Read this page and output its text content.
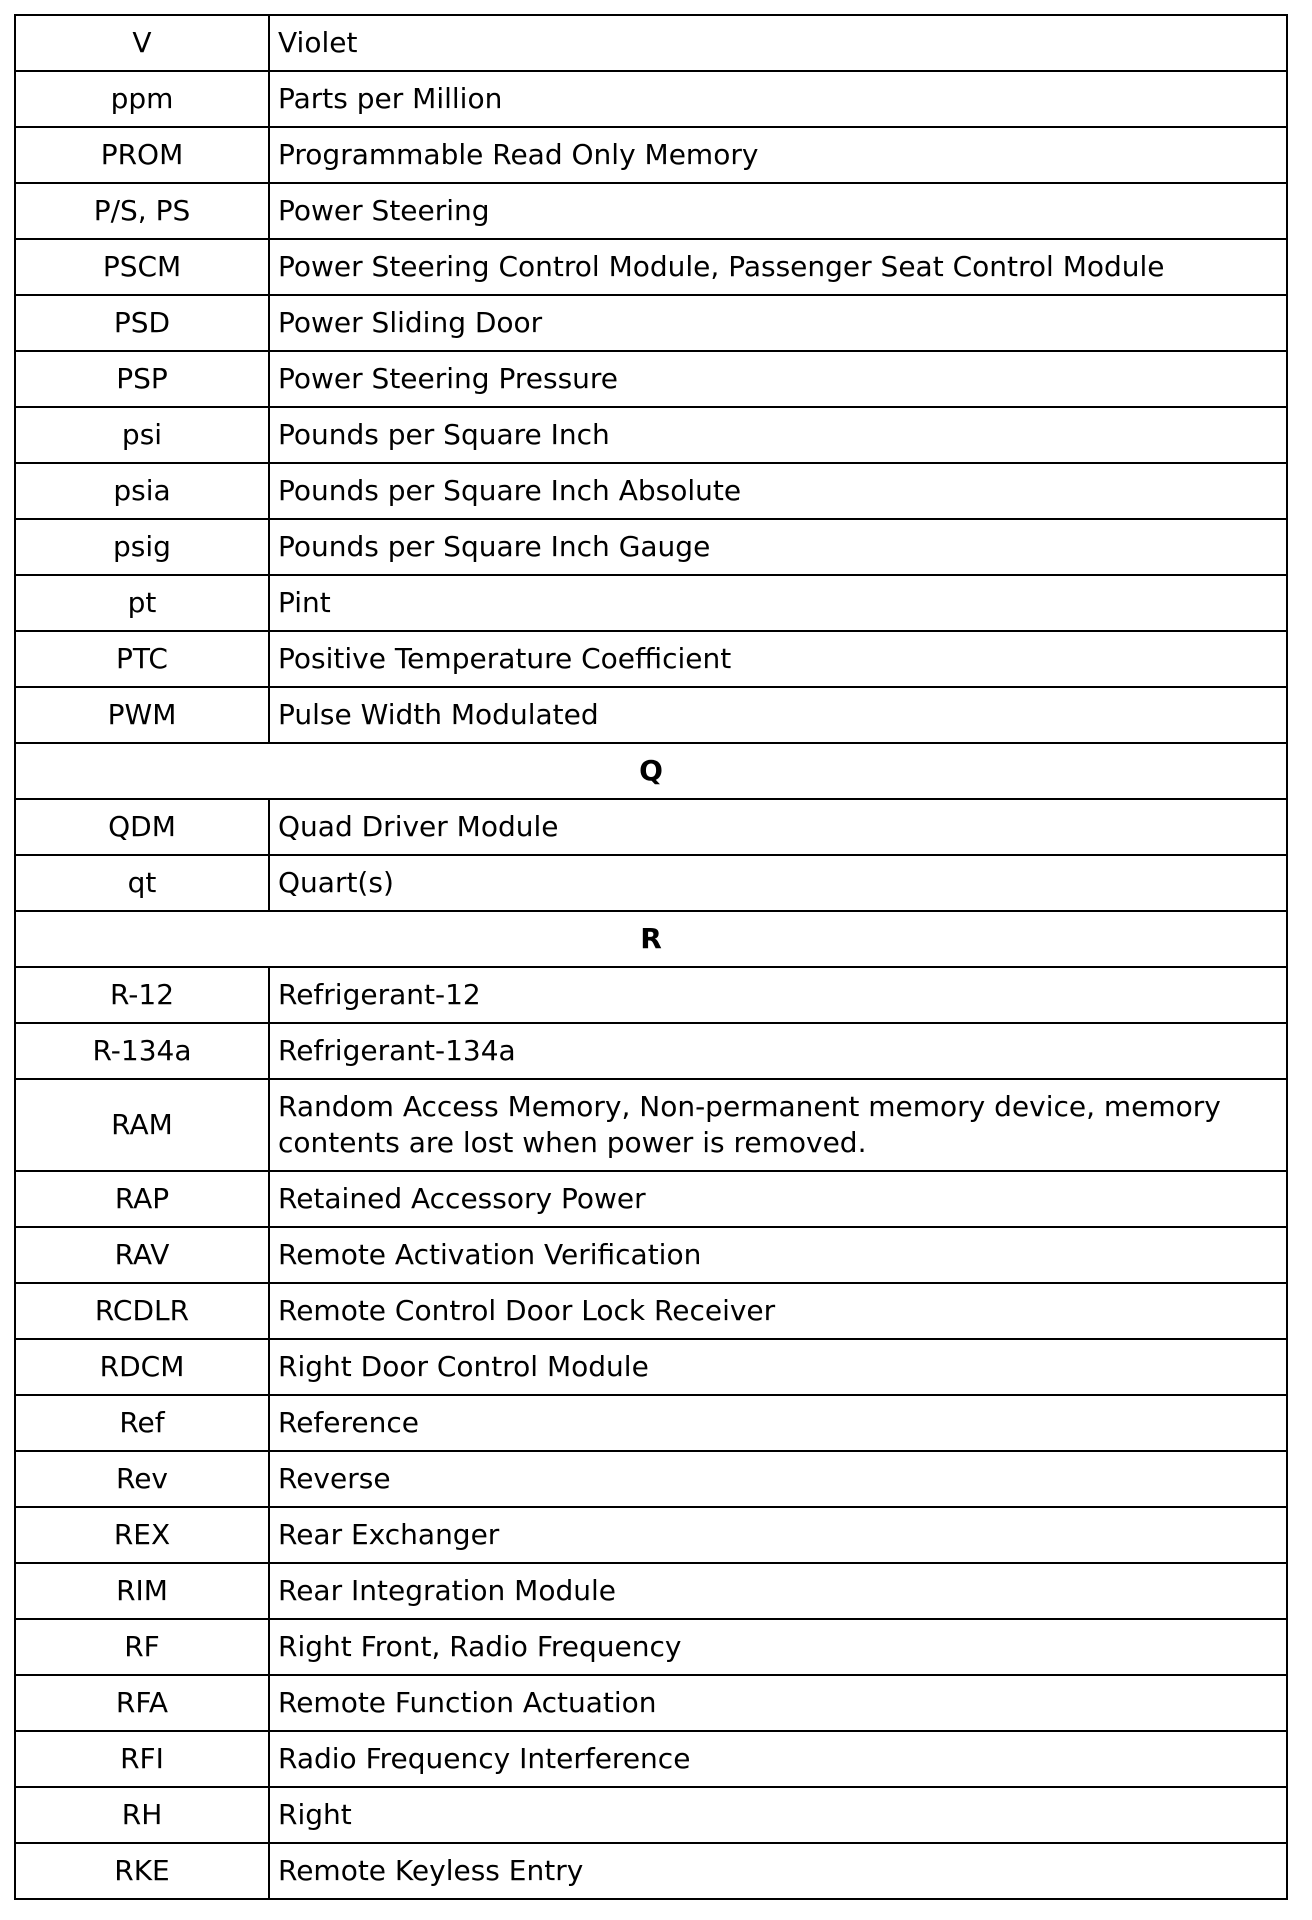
V	Violet
ppm	Parts per Million
PROM	Programmable Read Only Memory
P/S, PS	Power Steering
PSCM	Power Steering Control Module, Passenger Seat Control Module
PSD	Power Sliding Door
PSP	Power Steering Pressure
psi	Pounds per Square Inch
psia	Pounds per Square Inch Absolute
psig	Pounds per Square Inch Gauge
pt	Pint
PTC	Positive Temperature Coefficient
PWM	Pulse Width Modulated
Q	
QDM	Quad Driver Module
qt	Quart(s)
R	
R-12	Refrigerant-12
R-134a	Refrigerant-134a
RAM	Random Access Memory, Non-permanent memory device, memory contents are lost when power is removed.
RAP	Retained Accessory Power
RAV	Remote Activation Verification
RCDLR	Remote Control Door Lock Receiver
RDCM	Right Door Control Module
Ref	Reference
Rev	Reverse
REX	Rear Exchanger
RIM	Rear Integration Module
RF	Right Front, Radio Frequency
RFA	Remote Function Actuation
RFI	Radio Frequency Interference
RH	Right
RKE	Remote Keyless Entry
